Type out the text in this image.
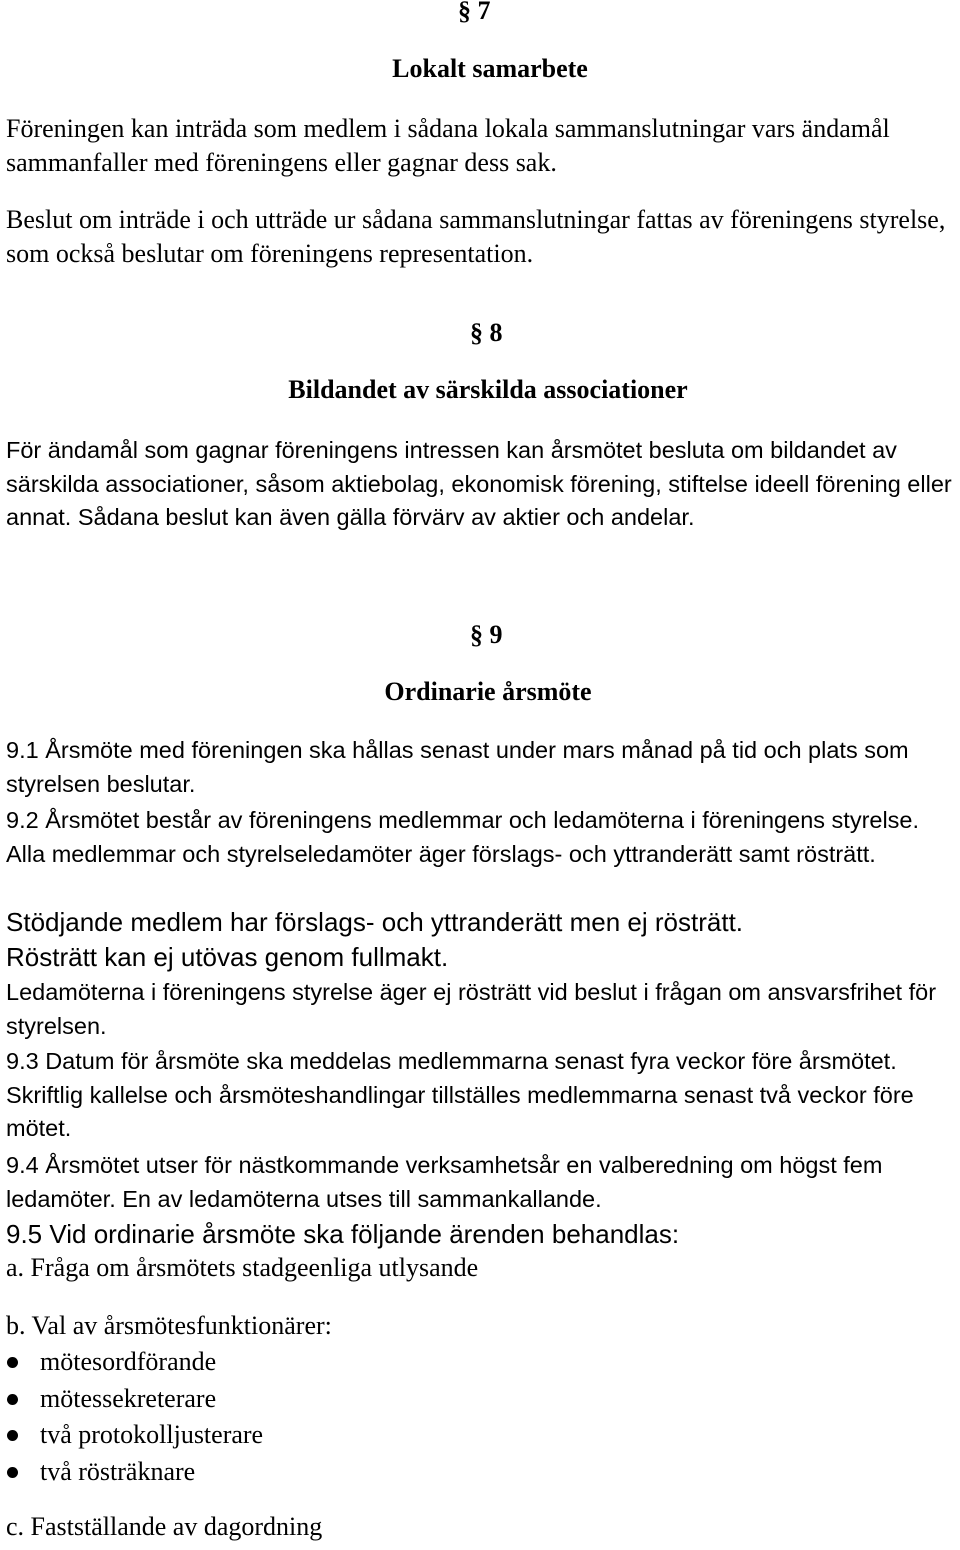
§ 7
Lokalt samarbete

Föreningen kan inträda som medlem i sådana lokala sammanslutningar vars ändamål sammanfaller med föreningens eller gagnar dess sak.

Beslut om inträde i och utträde ur sådana sammanslutningar fattas av föreningens styrelse, som också beslutar om föreningens representation.

§ 8
Bildandet av särskilda associationer

För ändamål som gagnar föreningens intressen kan årsmötet besluta om bildandet av särskilda associationer, såsom aktiebolag, ekonomisk förening, stiftelse ideell förening eller annat. Sådana beslut kan även gälla förvärv av aktier och andelar.

§ 9
Ordinarie årsmöte

9.1 Årsmöte med föreningen ska hållas senast under mars månad på tid och plats som styrelsen beslutar.

9.2 Årsmötet består av föreningens medlemmar och ledamöterna i föreningens styrelse. Alla medlemmar och styrelseledamöter äger förslags- och yttranderätt samt rösträtt.

Stödjande medlem har förslags- och yttranderätt men ej rösträtt.
Rösträtt kan ej utövas genom fullmakt.

Ledamöterna i föreningens styrelse äger ej rösträtt vid beslut i frågan om ansvarsfrihet för styrelsen.

9.3 Datum för årsmöte ska meddelas medlemmarna senast fyra veckor före årsmötet. Skriftlig kallelse och årsmöteshandlingar tillställes medlemmarna senast två veckor före mötet.

9.4 Årsmötet utser för nästkommande verksamhetsår en valberedning om högst fem ledamöter. En av ledamöterna utses till sammankallande.

9.5 Vid ordinarie årsmöte ska följande ärenden behandlas:
a. Fråga om årsmötets stadgeenliga utlysande
b. Val av årsmötesfunktionärer:
mötesordförande
mötessekreterare
två protokolljusterare
två rösträknare
c. Fastställande av dagordning
